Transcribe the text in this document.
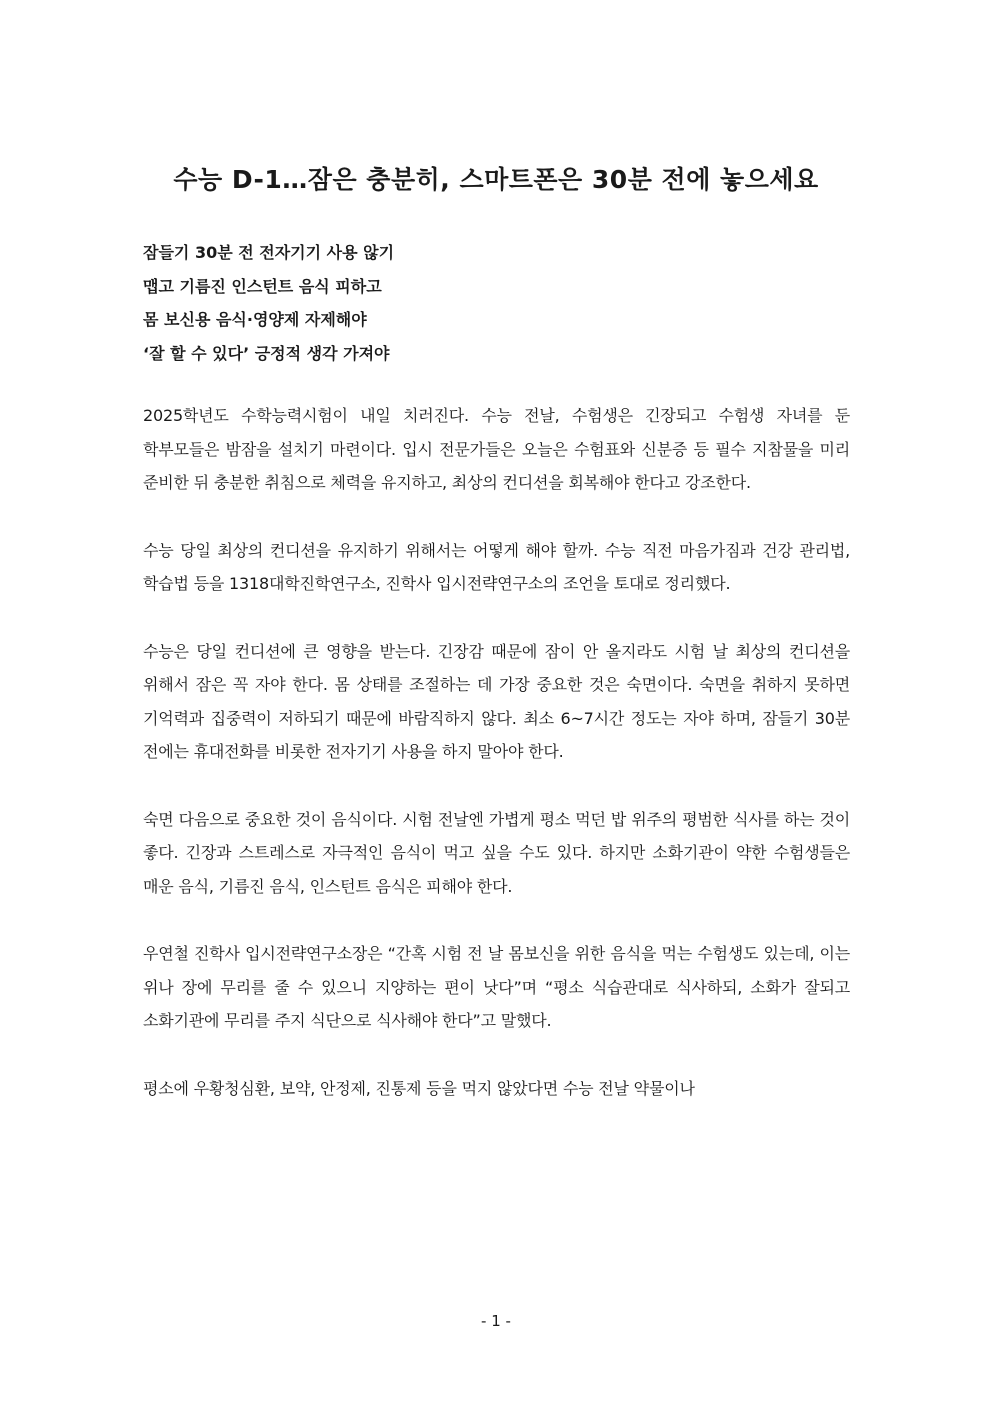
수능 D-1…잠은 충분히, 스마트폰은 30분 전에 놓으세요
잠들기 30분 전 전자기기 사용 않기
맵고 기름진 인스턴트 음식 피하고
몸 보신용 음식·영양제 자제해야
‘잘 할 수 있다’ 긍정적 생각 가져야

2025학년도 수학능력시험이 내일 치러진다. 수능 전날, 수험생은 긴장되고 수험생 자녀를 둔 학부모들은 밤잠을 설치기 마련이다. 입시 전문가들은 오늘은 수험표와 신분증 등 필수 지참물을 미리 준비한 뒤 충분한 취침으로 체력을 유지하고, 최상의 컨디션을 회복해야 한다고 강조한다.

수능 당일 최상의 컨디션을 유지하기 위해서는 어떻게 해야 할까. 수능 직전 마음가짐과 건강 관리법, 학습법 등을 1318대학진학연구소, 진학사 입시전략연구소의 조언을 토대로 정리했다.

수능은 당일 컨디션에 큰 영향을 받는다. 긴장감 때문에 잠이 안 올지라도 시험 날 최상의 컨디션을 위해서 잠은 꼭 자야 한다. 몸 상태를 조절하는 데 가장 중요한 것은 숙면이다. 숙면을 취하지 못하면 기억력과 집중력이 저하되기 때문에 바람직하지 않다. 최소 6~7시간 정도는 자야 하며, 잠들기 30분 전에는 휴대전화를 비롯한 전자기기 사용을 하지 말아야 한다.

숙면 다음으로 중요한 것이 음식이다. 시험 전날엔 가볍게 평소 먹던 밥 위주의 평범한 식사를 하는 것이 좋다. 긴장과 스트레스로 자극적인 음식이 먹고 싶을 수도 있다. 하지만 소화기관이 약한 수험생들은 매운 음식, 기름진 음식, 인스턴트 음식은 피해야 한다.

우연철 진학사 입시전략연구소장은 “간혹 시험 전 날 몸보신을 위한 음식을 먹는 수험생도 있는데, 이는 위나 장에 무리를 줄 수 있으니 지양하는 편이 낫다”며 “평소 식습관대로 식사하되, 소화가 잘되고 소화기관에 무리를 주지 식단으로 식사해야 한다”고 말했다.

평소에 우황청심환, 보약, 안정제, 진통제 등을 먹지 않았다면 수능 전날 약물이나

- 1 -
